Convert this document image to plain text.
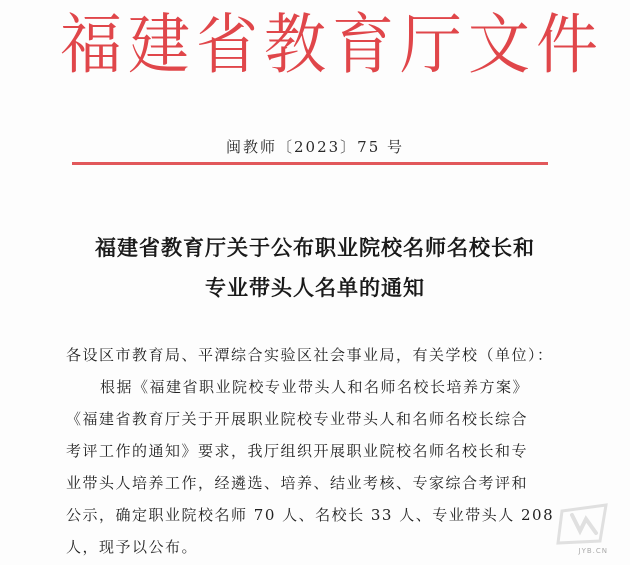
福建省教育厅文件
闽教师〔2023〕75 号
福建省教育厅关于公布职业院校名师名校长和
专业带头人名单的通知
各设区市教育局、平潭综合实验区社会事业局，有关学校（单位）：
根据《福建省职业院校专业带头人和名师名校长培养方案》
《福建省教育厅关于开展职业院校专业带头人和名师名校长综合
考评工作的通知》要求，我厅组织开展职业院校名师名校长和专
业带头人培养工作，经遴选、培养、结业考核、专家综合考评和
公示，确定职业院校名师 70 人、名校长 33 人、专业带头人 208
人，现予以公布。	JYB.CN
